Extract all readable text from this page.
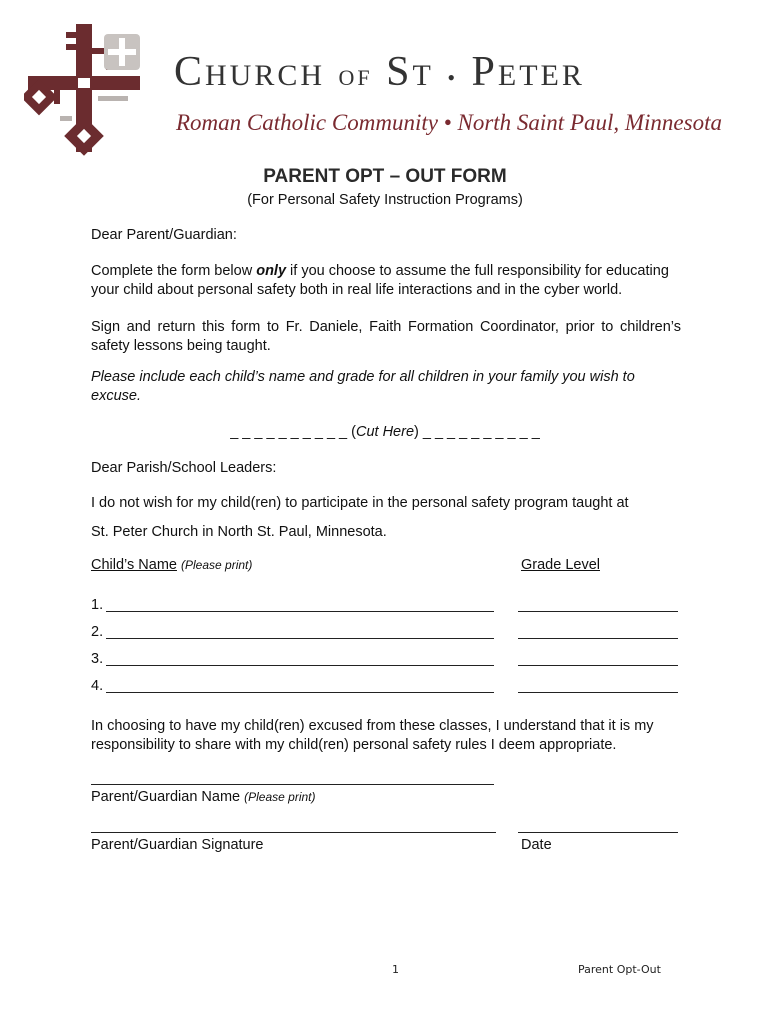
CHURCH OF ST • PETER
Roman Catholic Community • North Saint Paul, Minnesota
PARENT OPT – OUT FORM
(For Personal Safety Instruction Programs)
Dear Parent/Guardian:
Complete the form below only if you choose to assume the full responsibility for educating your child about personal safety both in real life interactions and in the cyber world.
Sign and return this form to Fr. Daniele, Faith Formation Coordinator, prior to children’s safety lessons being taught.
Please include each child’s name and grade for all children in your family you wish to excuse.
_ _ _ _ _ _ _ _ _ _ (Cut Here) _ _ _ _ _ _ _ _ _ _
Dear Parish/School Leaders:
I do not wish for my child(ren) to participate in the personal safety program taught at
St. Peter Church in North St. Paul, Minnesota.
Child’s Name (Please print)	Grade Level
1.
2.
3.
4.
In choosing to have my child(ren) excused from these classes, I understand that it is my responsibility to share with my child(ren) personal safety rules I deem appropriate.
Parent/Guardian Name (Please print)
Parent/Guardian Signature	Date
1	Parent Opt-Out
